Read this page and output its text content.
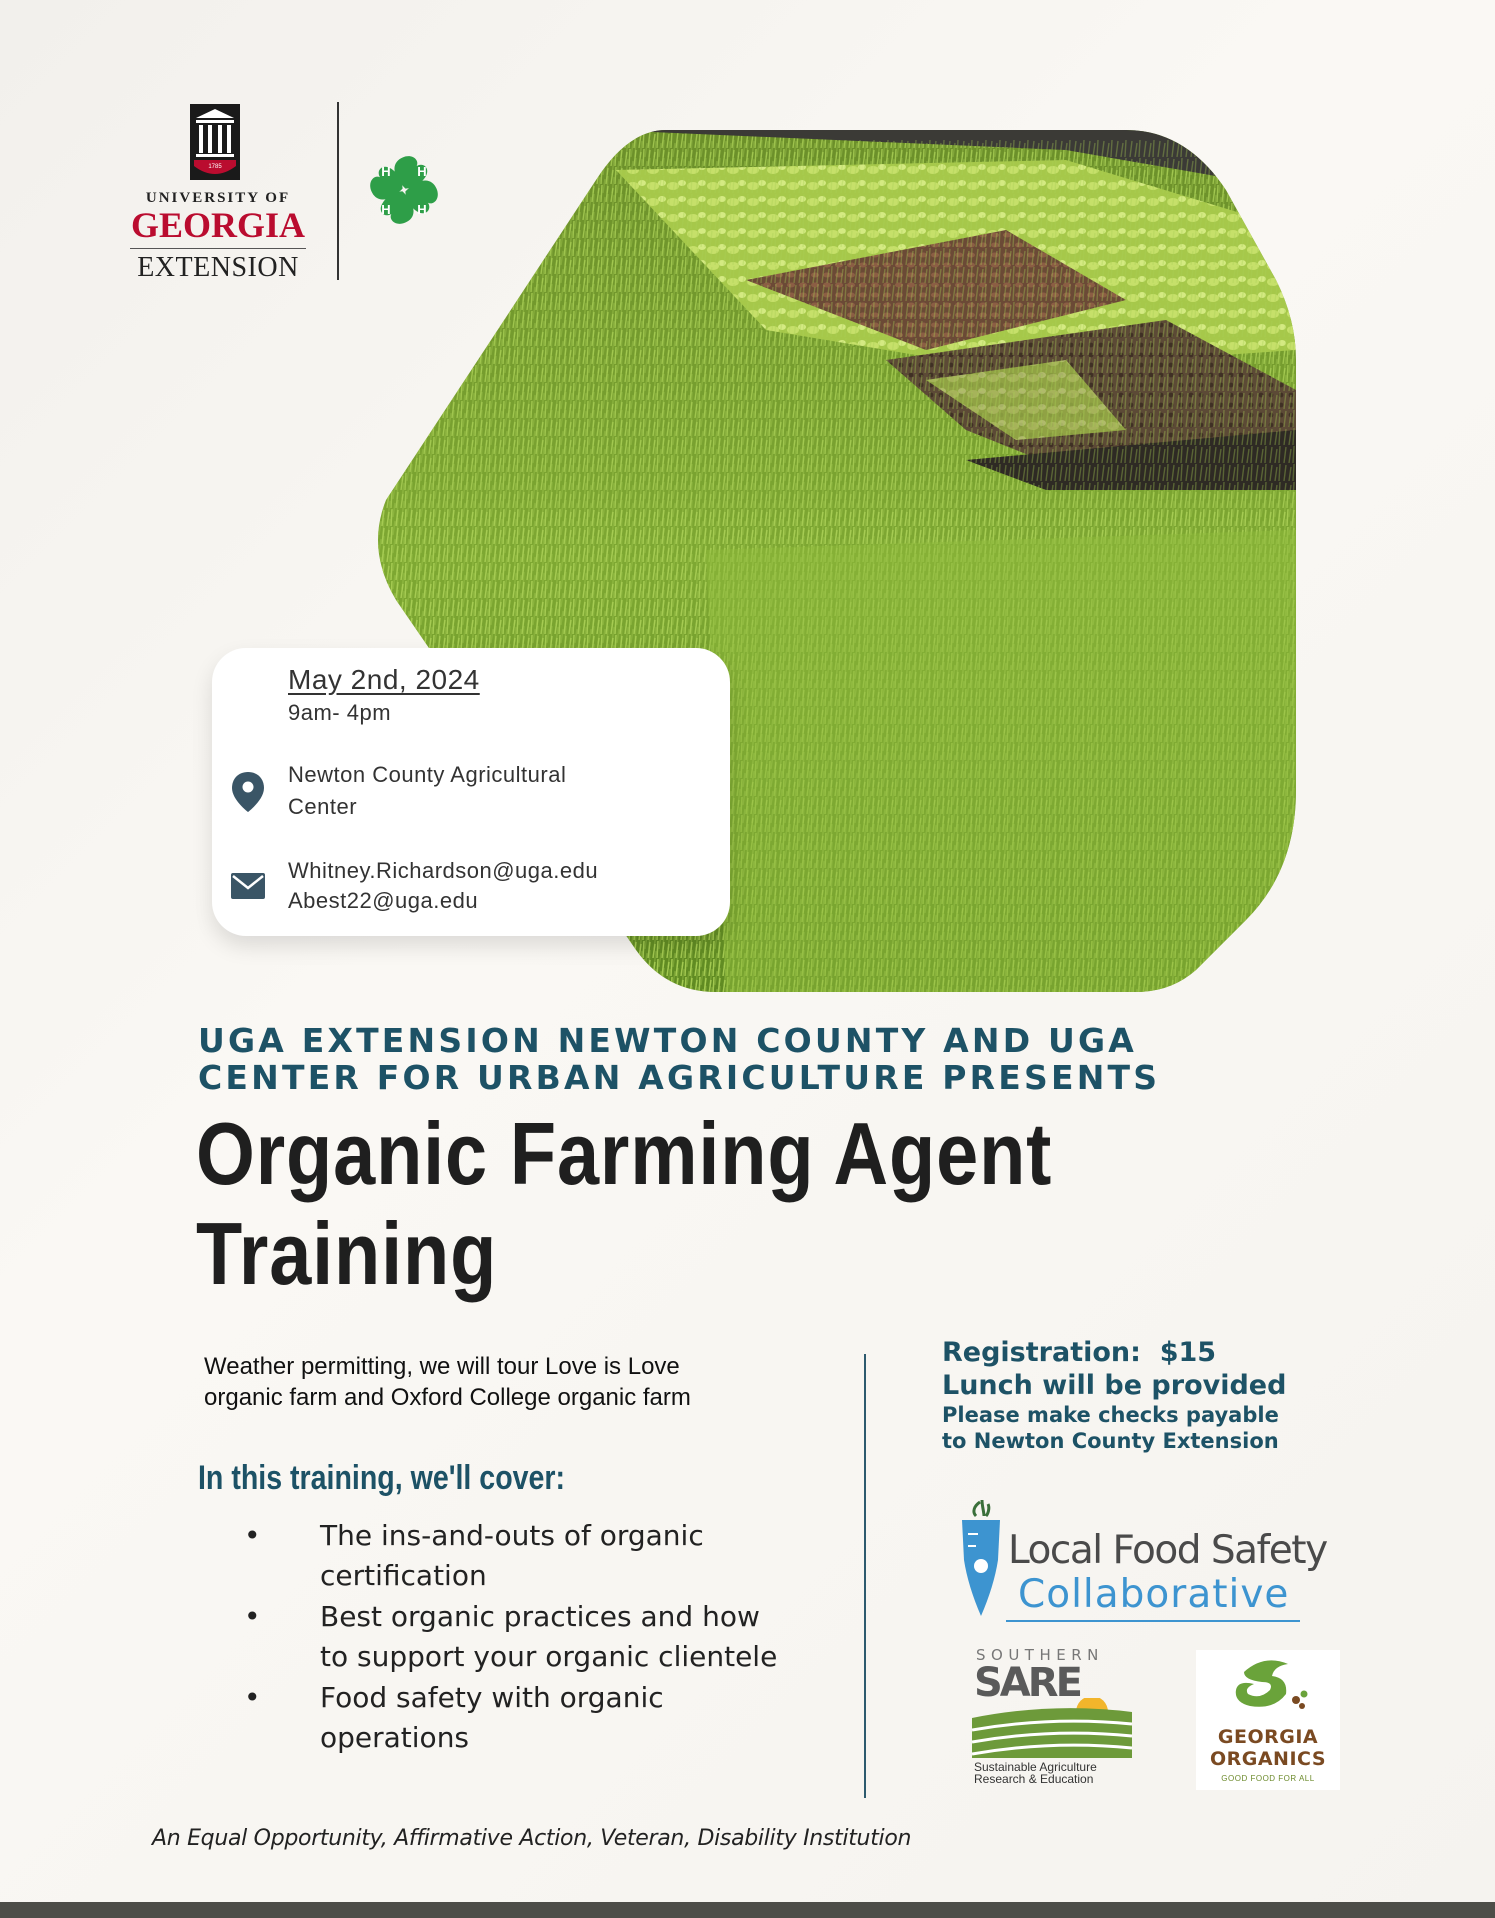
1785
UNIVERSITY OF
GEORGIA
EXTENSION
H H
H H
May 2nd, 2024
9am- 4pm
Newton County Agricultural
Center
Whitney.Richardson@uga.edu
Abest22@uga.edu
UGA EXTENSION NEWTON COUNTY AND UGA
CENTER FOR URBAN AGRICULTURE PRESENTS
Organic Farming Agent
Training
Weather permitting, we will tour Love is Love
organic farm and Oxford College organic farm
In this training, we'll cover:
• The ins-and-outs of organic
certification
• Best organic practices and how
to support your organic clientele
• Food safety with organic
operations
Registration:  $15
Lunch will be provided
Please make checks payable
to Newton County Extension
Local Food Safety
Collaborative
SOUTHERN
SARE
Sustainable Agriculture
Research & Education
GEORGIA
ORGANICS
GOOD FOOD FOR ALL
An Equal Opportunity, Affirmative Action, Veteran, Disability Institution
